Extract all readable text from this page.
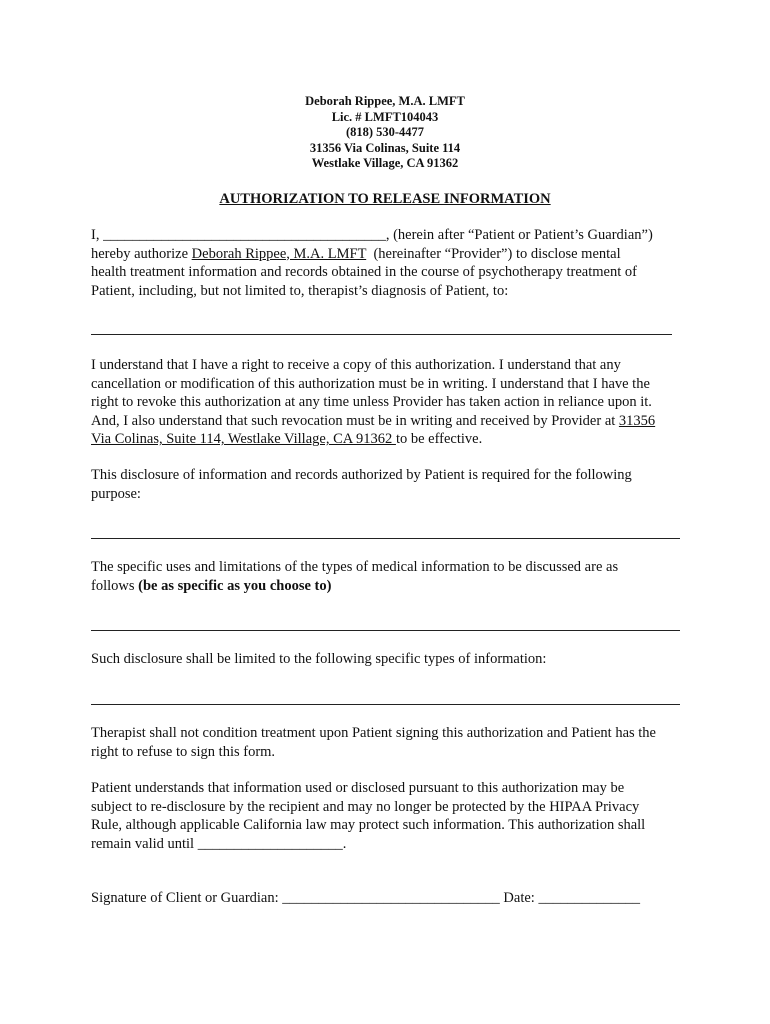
Deborah Rippee, M.A. LMFT
Lic. # LMFT104043
(818) 530-4477
31356 Via Colinas, Suite 114
Westlake Village, CA 91362
AUTHORIZATION TO RELEASE INFORMATION
I, _______________________________________, (herein after “Patient or Patient’s Guardian”)
hereby authorize Deborah Rippee, M.A. LMFT  (hereinafter “Provider”) to disclose mental
health treatment information and records obtained in the course of psychotherapy treatment of
Patient, including, but not limited to, therapist’s diagnosis of Patient, to:
I understand that I have a right to receive a copy of this authorization. I understand that any
cancellation or modification of this authorization must be in writing. I understand that I have the
right to revoke this authorization at any time unless Provider has taken action in reliance upon it.
And, I also understand that such revocation must be in writing and received by Provider at 31356
Via Colinas, Suite 114, Westlake Village, CA 91362 to be effective.
This disclosure of information and records authorized by Patient is required for the following
purpose:
The specific uses and limitations of the types of medical information to be discussed are as
follows (be as specific as you choose to)
Such disclosure shall be limited to the following specific types of information:
Therapist shall not condition treatment upon Patient signing this authorization and Patient has the
right to refuse to sign this form.
Patient understands that information used or disclosed pursuant to this authorization may be
subject to re-disclosure by the recipient and may no longer be protected by the HIPAA Privacy
Rule, although applicable California law may protect such information. This authorization shall
remain valid until ____________________.
Signature of Client or Guardian: ______________________________ Date: ______________
